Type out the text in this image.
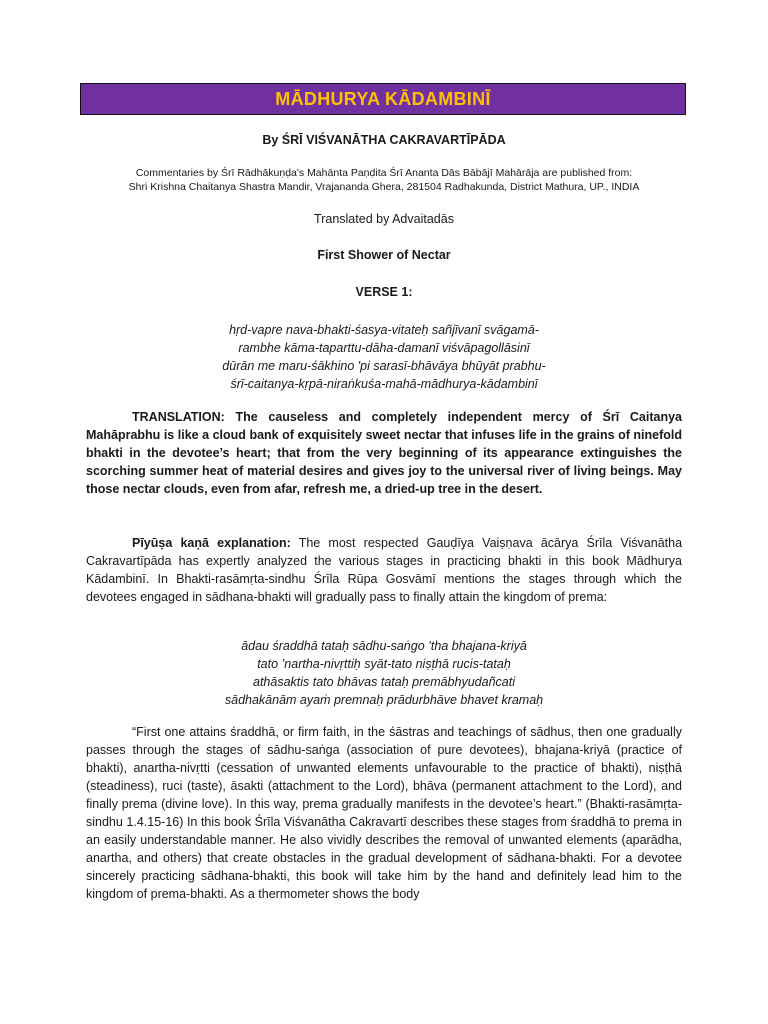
MĀDHURYA KĀDAMBINĪ
By ŚRĪ VIŚVANĀTHA CAKRAVARTĪPĀDA
Commentaries by Śrī Rādhākuṇḍa's Mahānta Paṇḍita Śrī Ananta Dās Bābājī Mahārāja are published from:
Shri Krishna Chaitanya Shastra Mandir, Vrajananda Ghera, 281504 Radhakunda, District Mathura, UP., INDIA
Translated by Advaitadās
First Shower of Nectar
VERSE 1:
hṛd-vapre nava-bhakti-śasya-vitateḥ sañjīvanī svāgamā-
rambhe kāma-taparttu-dāha-damanī viśvāpagollāsinī
dūrān me maru-śākhino 'pi sarasī-bhāvāya bhūyāt prabhu-
śrī-caitanya-kṛpā-niraṅkuśa-mahā-mādhurya-kādambinī
TRANSLATION: The causeless and completely independent mercy of Śrī Caitanya Mahāprabhu is like a cloud bank of exquisitely sweet nectar that infuses life in the grains of ninefold bhakti in the devotee’s heart; that from the very beginning of its appearance extinguishes the scorching summer heat of material desires and gives joy to the universal river of living beings. May those nectar clouds, even from afar, refresh me, a dried-up tree in the desert.
Pīyūṣa kaṇā explanation: The most respected Gauḍīya Vaiṣṇava ācārya Śrīla Viśvanātha Cakravartīpāda has expertly analyzed the various stages in practicing bhakti in this book Mādhurya Kādambinī. In Bhakti-rasāmṛta-sindhu Śrīla Rūpa Gosvāmī mentions the stages through which the devotees engaged in sādhana-bhakti will gradually pass to finally attain the kingdom of prema:
ādau śraddhā tataḥ sādhu-saṅgo ’tha bhajana-kriyā
tato ’nartha-nivṛttiḥ syāt-tato niṣṭhā rucis-tataḥ
athāsaktis tato bhāvas tataḥ premābhyudañcati
sādhakānām ayaṁ premnaḥ prādurbhāve bhavet kramaḥ
“First one attains śraddhā, or firm faith, in the śāstras and teachings of sādhus, then one gradually passes through the stages of sādhu-saṅga (association of pure devotees), bhajana-kriyā (practice of bhakti), anartha-nivṛtti (cessation of unwanted elements unfavourable to the practice of bhakti), niṣṭhā (steadiness), ruci (taste), āsakti (attachment to the Lord), bhāva (permanent attachment to the Lord), and finally prema (divine love). In this way, prema gradually manifests in the devotee’s heart.” (Bhakti-rasāmṛta-sindhu 1.4.15-16) In this book Śrīla Viśvanātha Cakravartī describes these stages from śraddhā to prema in an easily understandable manner. He also vividly describes the removal of unwanted elements (aparādha, anartha, and others) that create obstacles in the gradual development of sādhana-bhakti. For a devotee sincerely practicing sādhana-bhakti, this book will take him by the hand and definitely lead him to the kingdom of prema-bhakti. As a thermometer shows the body
